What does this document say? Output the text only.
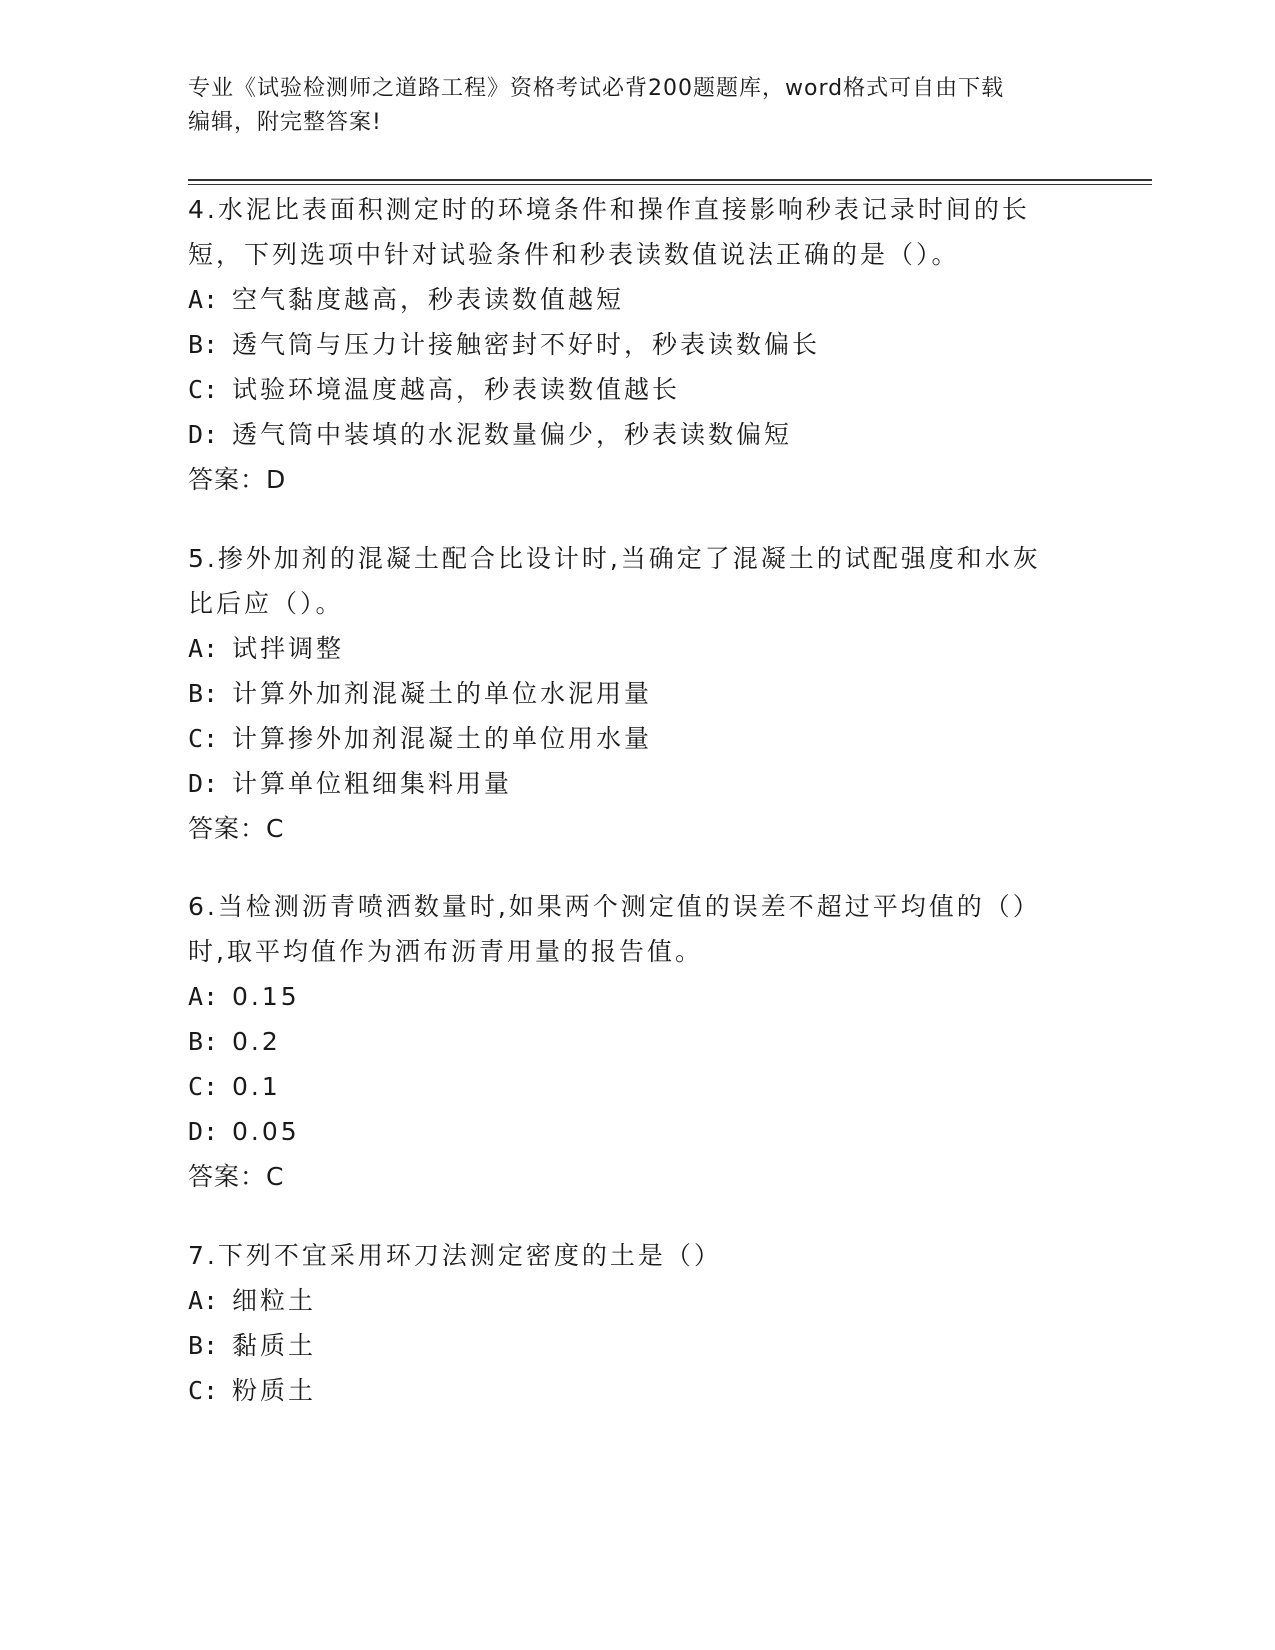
专业《试验检测师之道路工程》资格考试必背200题题库，word格式可自由下载
编辑，附完整答案!

4.水泥比表面积测定时的环境条件和操作直接影响秒表记录时间的长

短，下列选项中针对试验条件和秒表读数值说法正确的是（）。

A: 空气黏度越高，秒表读数值越短

B: 透气筒与压力计接触密封不好时，秒表读数偏长

C: 试验环境温度越高，秒表读数值越长

D: 透气筒中装填的水泥数量偏少，秒表读数偏短

答案：D

5.掺外加剂的混凝土配合比设计时,当确定了混凝土的试配强度和水灰

比后应（）。

A: 试拌调整

B: 计算外加剂混凝土的单位水泥用量

C: 计算掺外加剂混凝土的单位用水量

D: 计算单位粗细集料用量

答案：C

6.当检测沥青喷洒数量时,如果两个测定值的误差不超过平均值的（）

时,取平均值作为洒布沥青用量的报告值。

A: 0.15

B: 0.2

C: 0.1

D: 0.05

答案：C

7.下列不宜采用环刀法测定密度的土是（）

A: 细粒土

B: 黏质土

C: 粉质土
